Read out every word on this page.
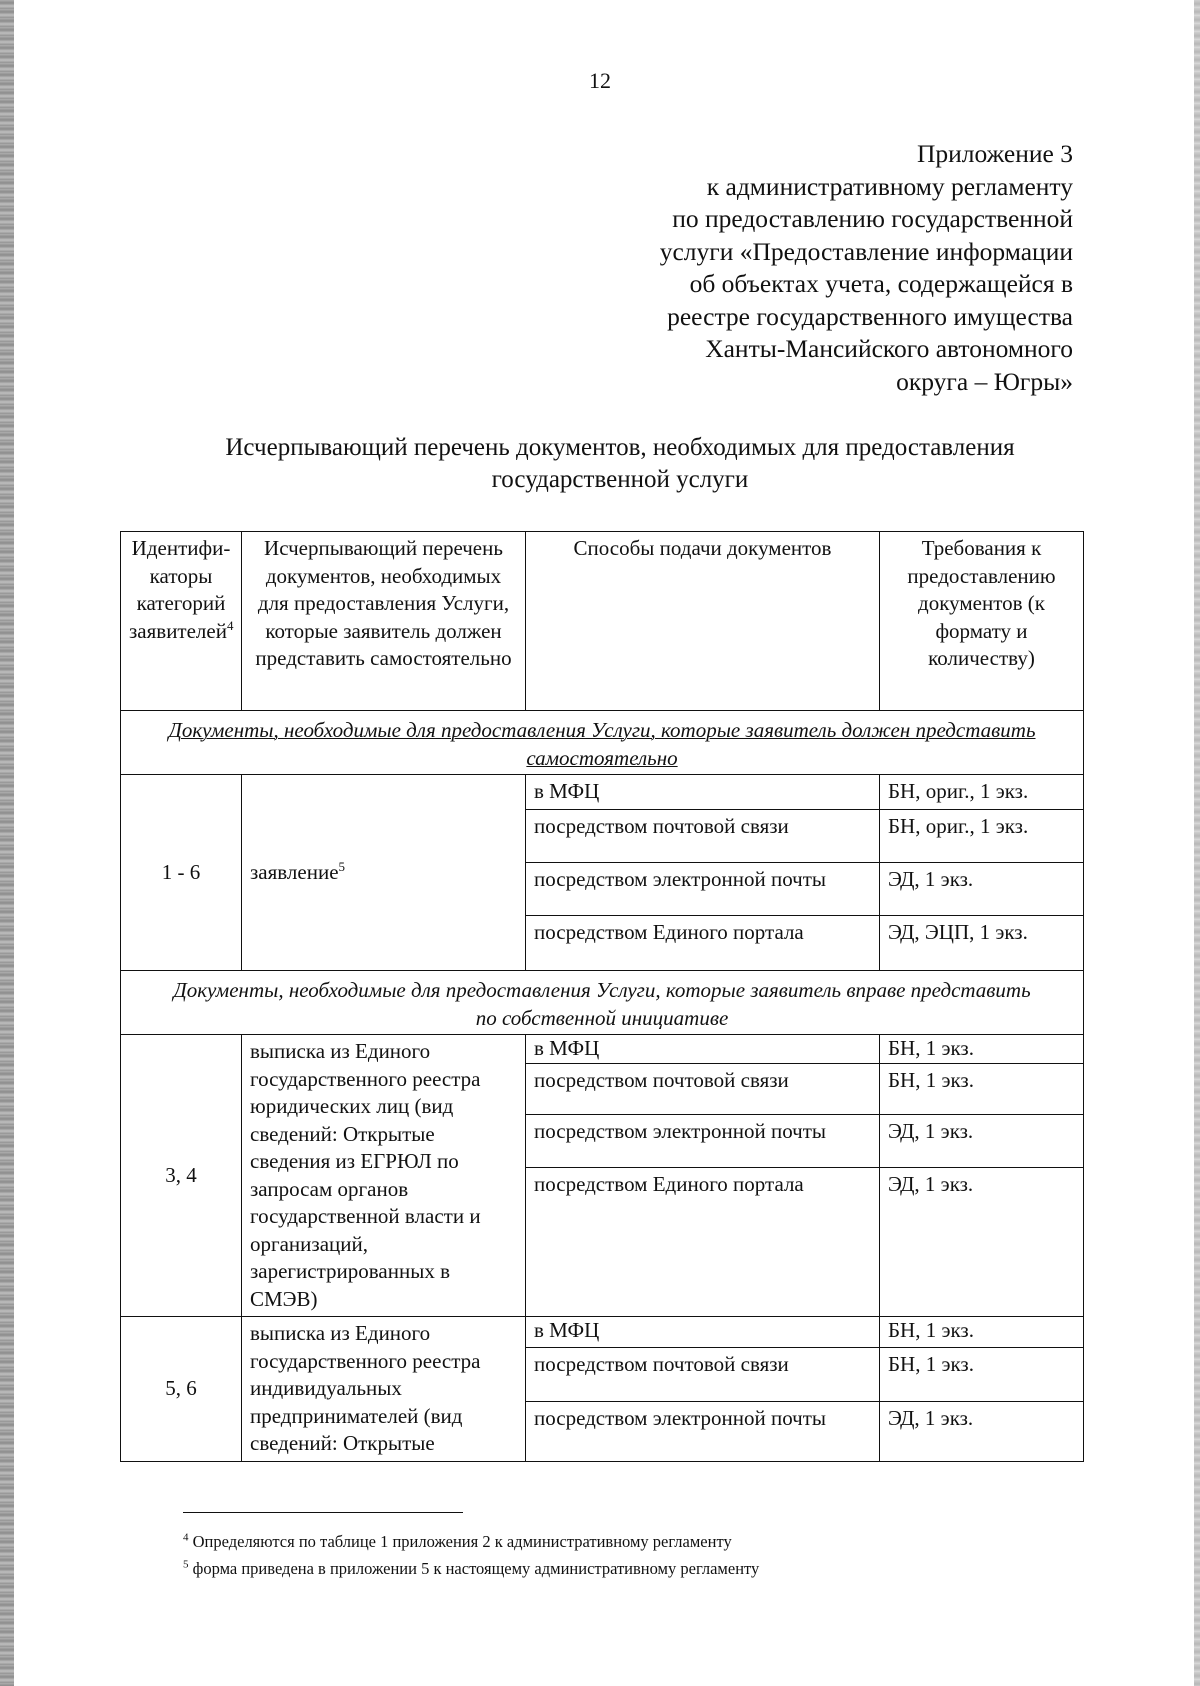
12
Приложение 3
к административному регламенту
по предоставлению государственной
услуги «Предоставление информации
об объектах учета, содержащейся в
реестре государственного имущества
Ханты-Мансийского автономного
округа – Югры»
Исчерпывающий перечень документов, необходимых для предоставления
государственной услуги
Идентифи-каторы категорий заявителей$^4$	Исчерпывающий перечень документов, необходимых для предоставления Услуги, которые заявитель должен представить самостоятельно	Способы подачи документов	Требования к предоставлению документов (к формату и количеству)
Документы, необходимые для предоставления Услуги, которые заявитель должен представить самостоятельно			
1 - 6	заявление$^5$	в МФЦ	БН, ориг., 1 экз.
		посредством почтовой связи	БН, ориг., 1 экз.
		посредством электронной почты	ЭД, 1 экз.
		посредством Единого портала	ЭД, ЭЦП, 1 экз.
Документы, необходимые для предоставления Услуги, которые заявитель вправе представить по собственной инициативе			
3, 4	выписка из Единого государственного реестра юридических лиц (вид сведений: Открытые сведения из ЕГРЮЛ по запросам органов государственной власти и организаций, зарегистрированных в СМЭВ)	в МФЦ	БН, 1 экз.
		посредством почтовой связи	БН, 1 экз.
		посредством электронной почты	ЭД, 1 экз.
		посредством Единого портала	ЭД, 1 экз.
5, 6	выписка из Единого государственного реестра индивидуальных предпринимателей (вид сведений: Открытые	в МФЦ	БН, 1 экз.
		посредством почтовой связи	БН, 1 экз.
		посредством электронной почты	ЭД, 1 экз.
$^4$ Определяются по таблице 1 приложения 2 к административному регламенту
$^5$ форма приведена в приложении 5 к настоящему административному регламенту
